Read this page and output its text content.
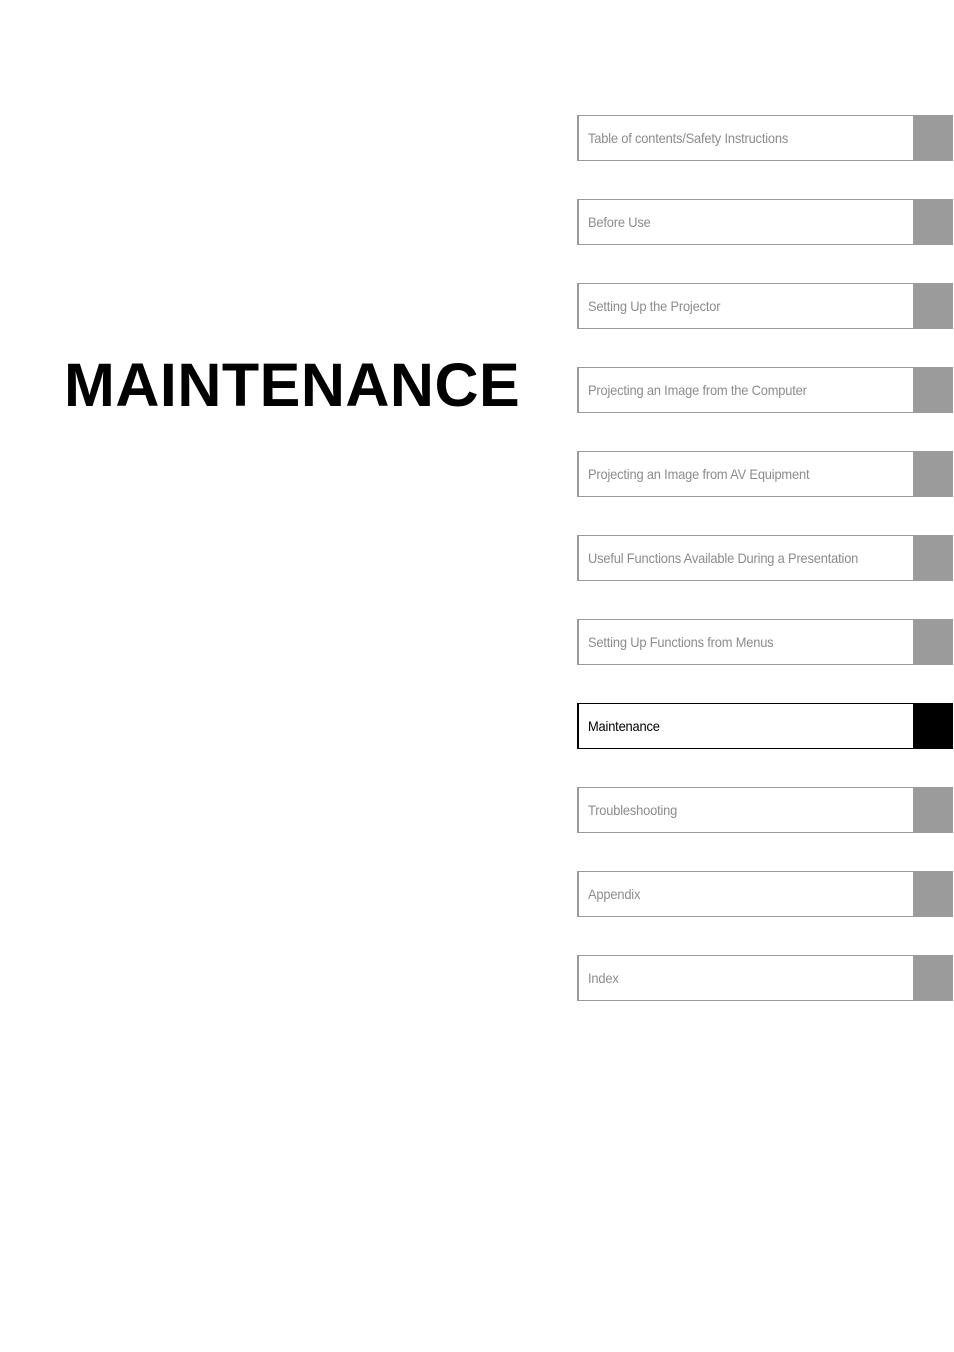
MAINTENANCE
Table of contents/Safety Instructions
Before Use
Setting Up the Projector
Projecting an Image from the Computer
Projecting an Image from AV Equipment
Useful Functions Available During a Presentation
Setting Up Functions from Menus
Maintenance
Troubleshooting
Appendix
Index
